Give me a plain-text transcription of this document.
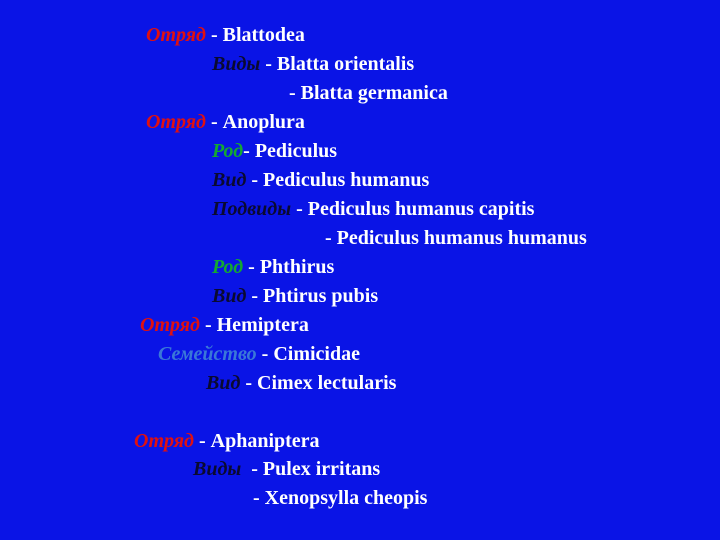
Отряд - Blattodea
Виды - Blatta orientalis
- Blatta germanica
Отряд - Anoplura
Род- Pediculus
Вид - Pediculus humanus
Подвиды - Pediculus humanus capitis
- Pediculus humanus humanus
Род - Phthirus
Вид - Phtirus pubis
Отряд - Hemiptera
Семейство - Cimicidae
Вид - Cimex lectularis
Отряд - Aphaniptera
Виды  - Pulex irritans
- Xenopsylla cheopis
